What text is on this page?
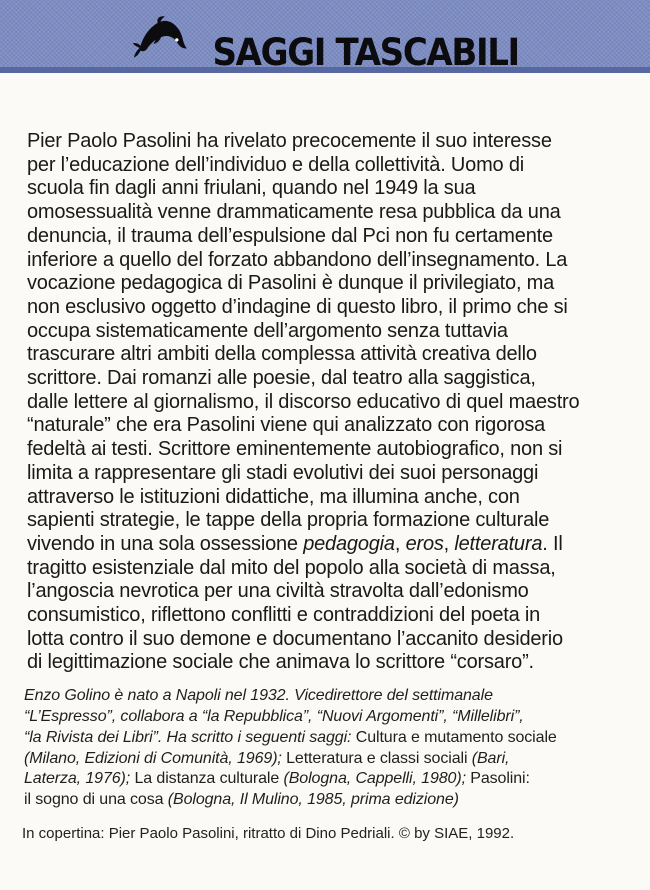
SAGGI TASCABILI
Pier Paolo Pasolini ha rivelato precocemente il suo interesse
per l’educazione dell’individuo e della collettività. Uomo di
scuola fin dagli anni friulani, quando nel 1949 la sua
omosessualità venne drammaticamente resa pubblica da una
denuncia, il trauma dell’espulsione dal Pci non fu certamente
inferiore a quello del forzato abbandono dell’insegnamento. La
vocazione pedagogica di Pasolini è dunque il privilegiato, ma
non esclusivo oggetto d’indagine di questo libro, il primo che si
occupa sistematicamente dell’argomento senza tuttavia
trascurare altri ambiti della complessa attività creativa dello
scrittore. Dai romanzi alle poesie, dal teatro alla saggistica,
dalle lettere al giornalismo, il discorso educativo di quel maestro
“naturale” che era Pasolini viene qui analizzato con rigorosa
fedeltà ai testi. Scrittore eminentemente autobiografico, non si
limita a rappresentare gli stadi evolutivi dei suoi personaggi
attraverso le istituzioni didattiche, ma illumina anche, con
sapienti strategie, le tappe della propria formazione culturale
vivendo in una sola ossessione pedagogia, eros, letteratura. Il
tragitto esistenziale dal mito del popolo alla società di massa,
l’angoscia nevrotica per una civiltà stravolta dall’edonismo
consumistico, riflettono conflitti e contraddizioni del poeta in
lotta contro il suo demone e documentano l’accanito desiderio
di legittimazione sociale che animava lo scrittore “corsaro”.
Enzo Golino è nato a Napoli nel 1932. Vicedirettore del settimanale
“L’Espresso”, collabora a “la Repubblica”, “Nuovi Argomenti”, “Millelibri”,
“la Rivista dei Libri”. Ha scritto i seguenti saggi: Cultura e mutamento sociale
(Milano, Edizioni di Comunità, 1969); Letteratura e classi sociali (Bari,
Laterza, 1976); La distanza culturale (Bologna, Cappelli, 1980); Pasolini:
il sogno di una cosa (Bologna, Il Mulino, 1985, prima edizione)
In copertina: Pier Paolo Pasolini, ritratto di Dino Pedriali. © by SIAE, 1992.
